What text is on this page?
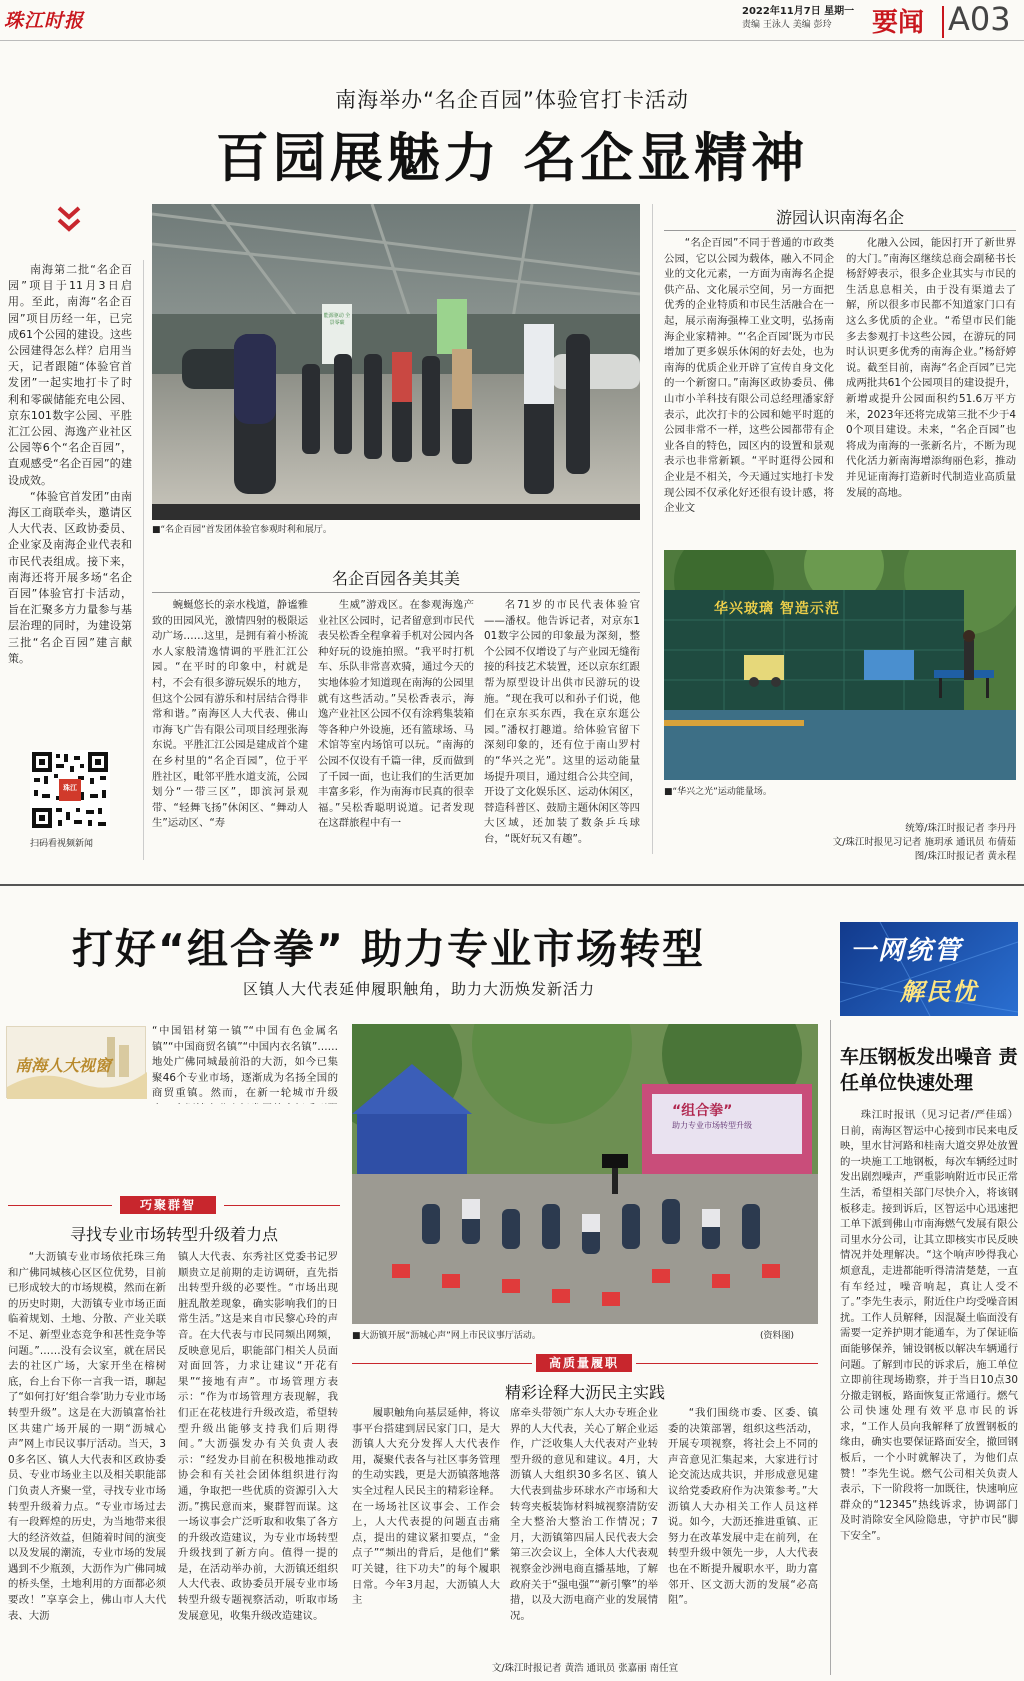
珠江时报	2022年11月7日 星期一
责编 王泳人 美编 彭玲 要闻 A03
南海举办“名企百园”体验官打卡活动
百园展魅力 名企显精神

南海第二批“名企百园”项目于11月3日启用。至此，南海“名企百园”项目历经一年，已完成61个公园的建设。这些公园建得怎么样？启用当天，记者跟随“体验官首发团”一起实地打卡了时利和零碳储能充电公园、京东101数字公园、平胜汇江公园、海逸产业社区公园等6个“名企百园”，直观感受“名企百园”的建设成效。

“体验官首发团”由南海区工商联牵头，邀请区人大代表、区政协委员、企业家及南海企业代表和市民代表组成。接下来，南海还将开展多场“名企百园”体验官打卡活动，旨在汇聚多方力量参与基层治理的同时，为建设第三批“名企百园”建言献策。

珠江
扫码看视频新闻
能源驱动 全景零碳
■“名企百园”首发团体验官参观时利和展厅。
名企百园各美其美

蜿蜒悠长的亲水栈道，静谧雅致的田园风光，激情四射的极限运动广场……这里，是拥有着小桥流水人家般清逸情调的平胜汇江公园。“在平时的印象中，村就是村，不会有很多游玩娱乐的地方，但这个公园有游乐和村居结合得非常和谐。”南海区人大代表、佛山市海飞广告有限公司项目经理张海东说。平胜汇江公园是建成首个建在乡村里的“名企百园”，位于平胜社区，毗邻平胜水道支流，公园划分“一带三区”，即滨河景观带、“轻舞飞扬”休闲区、“舞动人生”运动区、“寿

生威”游戏区。在参观海逸产业社区公园时，记者留意到市民代表吴松香全程拿着手机对公园内各种好玩的设施拍照。“我平时打机车、乐队非常喜欢骑，通过今天的实地体验才知道现在南海的公园里就有这些活动。”吴松香表示，海逸产业社区公园不仅有涂鸦集装箱等各种户外设施，还有篮球场、马术馆等室内场馆可以玩。“南海的公园不仅设有千篇一律，反而做到了千园一面，也让我们的生活更加丰富多彩，作为南海市民真的很幸福。”吴松香聪明说道。记者发现在这群旅程中有一

名71岁的市民代表体验官——潘权。他告诉记者，对京东101数字公园的印象最为深刻，整个公园不仅增设了与产业园无缝衔接的科技艺术装置，还以京东红跟帮为原型设计出供市民游玩的设施。“现在我可以和孙子们说，他们在京东买东西，我在京东逛公园。”潘权打趣道。给体验官留下深刻印象的，还有位于南山罗村的“华兴之光”。这里的运动能量场提升项目，通过组合公共空间，开设了文化娱乐区、运动休闲区，替造科普区、鼓励主题休闲区等四大区域，还加装了数条乒乓球台，“既好玩又有趣”。

游园认识南海名企

“名企百园”不同于普通的市政类公园，它以公园为载体，融入不同企业的文化元素，一方面为南海名企提供产品、文化展示空间，另一方面把优秀的企业特质和市民生活融合在一起，展示南海强棒工业文明，弘扬南海企业家精神。“‘名企百园’既为市民增加了更多娱乐休闲的好去处，也为南海的优质企业开辟了宣传自身文化的一个新窗口。”南海区政协委员、佛山市小羊科技有限公司总经理潘家舒表示，此次打卡的公园和她平时逛的公园非常不一样，这些公园都带有企业各自的特色，园区内的设置和景观表示也非常新颖。“平时逛得公园和企业是不相关，今天通过实地打卡发现公园不仅承化好还很有设计感，将企业文

化融入公园，能因打开了新世界的大门。”南海区继续总商会副秘书长杨舒婷表示，很多企业其实与市民的生活息息相关，由于没有渠道去了解，所以很多市民都不知道家门口有这么多优质的企业。“希望市民们能多去参观打卡这些公园，在游玩的同时认识更多优秀的南海企业。”杨舒婷说。截至目前，南海“名企百园”已完成两批共61个公园项目的建设提升，新增或提升公园面积约51.6万平方米，2023年还将完成第三批不少于40个项目建设。未来，“名企百园”也将成为南海的一张新名片，不断为现代化活力新南海增添绚丽色彩，推动并见证南海打造新时代制造业高质量发展的高地。

华兴玻璃 智造示范
■“华兴之光”运动能量场。
统筹/珠江时报记者 李丹丹
文/珠江时报见习记者 施玥承 通讯员 布倩茹
图/珠江时报记者 黄永程
打好“组合拳” 助力专业市场转型
区镇人大代表延伸履职触角，助力大沥焕发新活力
南海人大视窗

“中国铝材第一镇”“中国有色金属名镇”“中国商贸名镇”“中国内衣名镇”……地处广佛同城最前沿的大沥，如今已集聚46个专业市场，逐渐成为名扬全国的商贸重镇。然而，在新一轮城市升级

巧聚群智
寻找专业市场转型升级着力点

“大沥镇专业市场依托珠三角和广佛同城核心区区位优势，目前已形成较大的市场规模，然而在新的历史时期，大沥镇专业市场正面临着规划、土地、分散、产业关联不足、新型业态竞争和甚性竞争等问题。”……没有会议室，就在居民去的社区广场，大家开坐在榕树底，台上台下你一言我一语，聊起了“如何打好‘组合拳’助力专业市场转型升级”。这是在大沥镇富怡社区共建广场开展的一期“沥城心声”网上市民议事厅活动。当天，30多名区、镇人大代表和区政协委员、专业市场业主以及相关职能部门负责人齐聚一堂，寻找专业市场转型升级着力点。“专业市场过去有一段辉煌的历史，为当地带来很大的经济效益，但随着时间的演变以及发展的潮流，专业市场的发展遇到不少瓶颈，大沥作为广佛同城的桥头堡，土地利用的方面都必须要改！”享享会上，佛山市人大代表、大沥

镇人大代表、东秀社区党委书记罗顺贵立足前期的走访调研，直先指出转型升级的必要性。“市场出现脏乱散差现象，确实影响我们的日常生活。”这是来自市民黎心玲的声音。在大代表与市民同频出网频，反映意见后，职能部门相关人员面对面回答，力求让建议“开花有果”“接地有声”。市场管理方表示：“作为市场管理方表现解，我们正在花枝进行升级改造，希望转型升级出能够支持我们后期得间。”大沥强发办有关负责人表示：“经发办目前在积极地推动政协会和有关社会团体组织进行沟通，争取把一些优质的资源引入大沥。”携民意而来，聚群智而谋。这一场议事会广泛听取和收集了各方的升级改造建议，为专业市场转型升级找到了新方向。值得一提的是，在活动举办前，大沥镇还组织人大代表、政协委员开展专业市场转型升级专题视察活动，听取市场发展意见，收集升级改造建议。

“组合拳”
助力专业市场转型升级
■大沥镇开展“沥城心声”网上市民议事厅活动。	(资料图)
高质量履职
精彩诠释大沥民主实践

履职触角向基层延伸，将议事平台搭建到居民家门口，是大沥镇人大充分发挥人大代表作用，凝聚代表各与社区事务管理的生动实践，更是大沥镇落地落实全过程人民民主的精彩诠释。在一场场社区议事会、工作会上，人大代表提的问题直击痛点，提出的建议紧扣要点，“金点子”“频出的背后，是他们“紫叮关键，往下功夫”的每个履职日常。今年3月起，大沥镇人大主

席牵头带领广东人大办专班企业界的人大代表，关心了解企业运作，广泛收集人大代表对产业转型升级的意见和建议。4月，大沥镇人大组织30多名区、镇人大代表到盐步环球水产市场和大转弯夹板装饰材料城视察清防安全大整治大整治工作情况；7月，大沥镇第四届人民代表大会第三次会议上，全体人大代表观视察金沙洲电商直播基地，了解政府关于“强电强”“新引擎”的举措，以及大沥电商产业的发展情况。

“我们围绕市委、区委、镇委的决策部署，组织这些活动，开展专项视察，将社会上不同的声音意见汇集起来，大家进行讨论交流达成共识，并形成意见建议给党委政府作为决策参考。”大沥镇人大办相关工作人员这样说。如今，大沥还推进重镇、正努力在改革发展中走在前列，在转型升级中领先一步，人大代表也在不断提升履职水平，助力富邻开、区文沥大沥的发展“必高阻”。

文/珠江时报记者 黄浩 通讯员 张嘉丽 南任宣
一网统管
解民忧
车压钢板发出噪音 责任单位快速处理

珠江时报讯（见习记者/严佳瑶）日前，南海区智运中心接到市民来电反映，里水甘河路和桂南大道交界处放置的一块施工工地钢板，每次车辆经过时发出剧烈噪声，严重影响附近市民正常生活，希望相关部门尽快介入，将该钢板移走。接到诉后，区智运中心迅速把工单下派到佛山市南海燃气发展有限公司里水分公司，让其立即核实市民反映情况并处理解决。“这个响声吵得我心烦意乱，走进都能听得清清楚楚，一直有车经过，噪音响起，真让人受不了。”李先生表示，附近住户均受噪音困扰。工作人员解释，因混凝土临面没有需要一定养护期才能通车，为了保证临面能够保养，铺设钢板以解决车辆通行问题。了解到市民的诉求后，施工单位立即前往现场勘察，并于当日10点30分撤走钢板，路面恢复正常通行。燃气公司快速处理有效平息市民的诉求，“工作人员向我解释了放置钢板的缘由，确实也要保证路面安全，撤回钢板后，一个小时就解决了，为他们点赞！”李先生说。燃气公司相关负责人表示，下一阶段将一加既往，快速响应群众的“12345”热线诉求，协调部门及时消除安全风险隐患，守护市民“脚下安全”。
